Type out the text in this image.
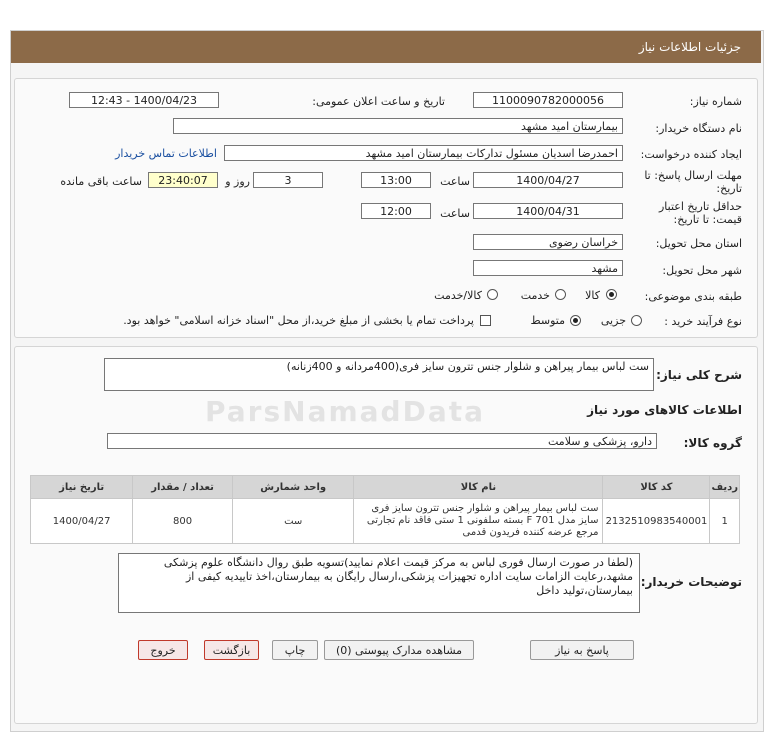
جزئیات اطلاعات نیاز
ParsNamadData
شماره نیاز:
1100090782000056
تاریخ و ساعت اعلان عمومی:
1400/04/23 - 12:43
نام دستگاه خریدار:
بیمارستان امید مشهد
ایجاد کننده درخواست:
احمدرضا اسدیان مسئول تدارکات بیمارستان امید مشهد
اطلاعات تماس خریدار
مهلت ارسال پاسخ: تا تاریخ:
1400/04/27
ساعت
13:00
3
روز و
23:40:07
ساعت باقی مانده
حداقل تاریخ اعتبار قیمت: تا تاریخ:
1400/04/31
ساعت
12:00
استان محل تحویل:
خراسان رضوی
شهر محل تحویل:
مشهد
طبقه بندی موضوعی:
کالا
خدمت
کالا/خدمت
نوع فرآیند خرید :
جزیی
متوسط
پرداخت تمام یا بخشی از مبلغ خرید،از محل "اسناد خزانه اسلامی" خواهد بود.
شرح کلی نیاز:
ست لباس بیمار پیراهن و شلوار جنس تترون سایز فری(400مردانه و 400زنانه)
اطلاعات کالاهای مورد نیاز
گروه کالا:
دارو، پزشکی و سلامت
ردیف	کد کالا	نام کالا	واحد شمارش	تعداد / مقدار	تاریخ نیاز
1	2132510983540001	ست لباس بیمار پیراهن و شلوار جنس تترون سایز فری سایز مدل F 701 بسته سلفونی 1 ستی فاقد نام تجارتی مرجع عرضه کننده فریدون قدمی	ست	800	1400/04/27
توضیحات خریدار:
(لطفا در صورت ارسال فوری لباس به مرکز قیمت اعلام نمایید)تسویه طبق روال دانشگاه علوم پزشکی مشهد،رعایت الزامات سایت اداره تجهیزات پزشکی،ارسال رایگان به بیمارستان،اخذ تاییدیه کیفی از بیمارستان،تولید داخل
پاسخ به نیاز
مشاهده مدارک پیوستی (0)
چاپ
بازگشت
خروج
